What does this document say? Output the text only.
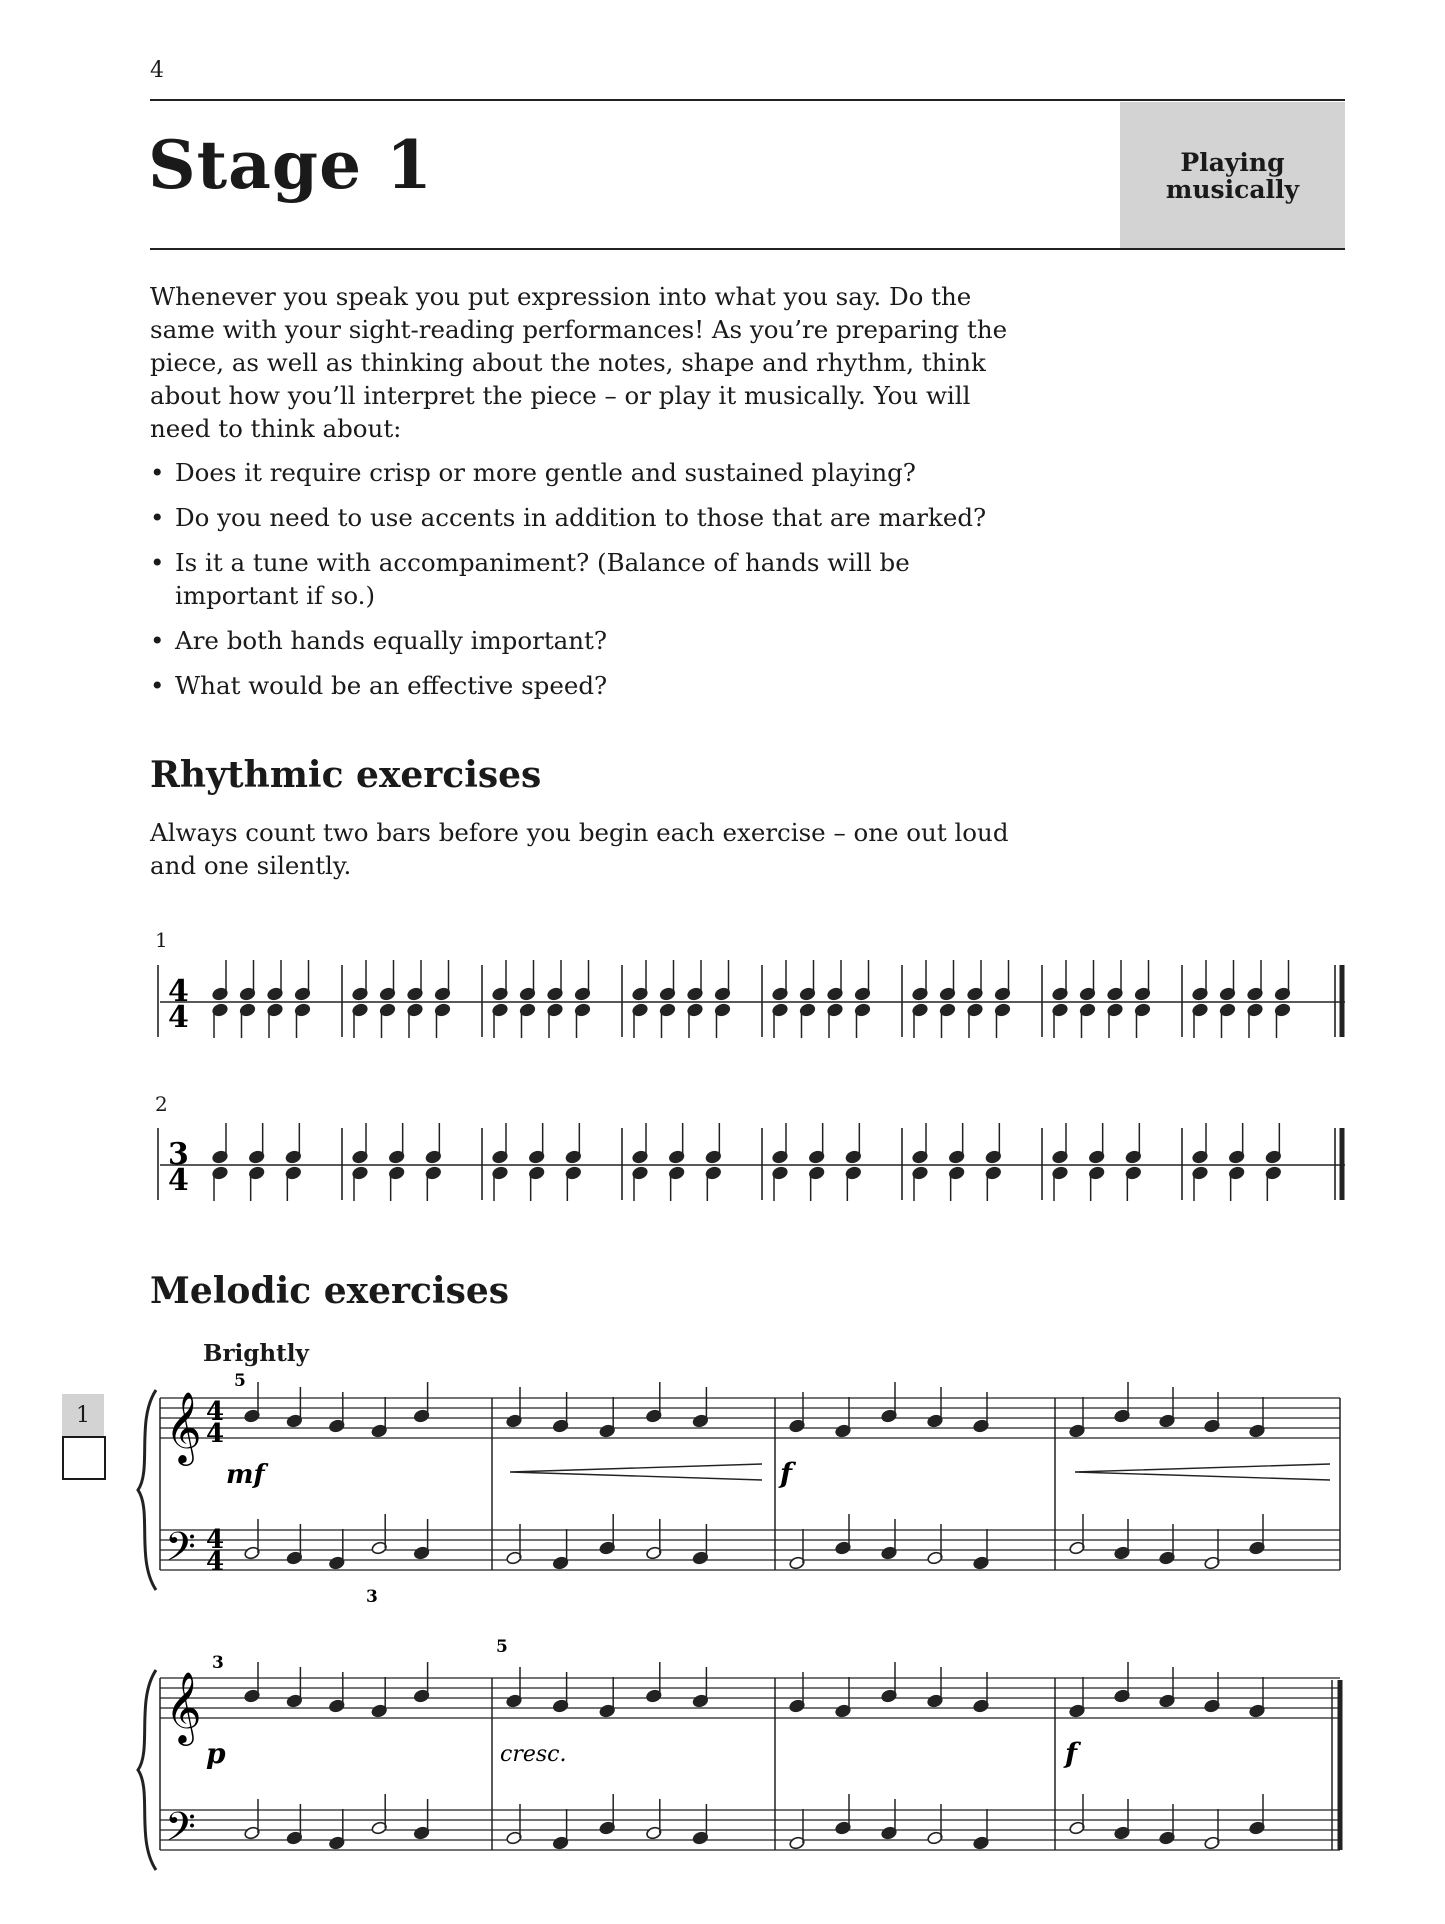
4
Stage 1	Playing musically

Whenever you speak you put expression into what you say. Do the same with your sight-reading performances! As you’re preparing the piece, as well as thinking about the notes, shape and rhythm, think about how you’ll interpret the piece – or play it musically. You will need to think about:

• Does it require crisp or more gentle and sustained playing?
• Do you need to use accents in addition to those that are marked?
• Is it a tune with accompaniment? (Balance of hands will be important if so.)
• Are both hands equally important?
• What would be an effective speed?
Rhythmic exercises

Always count two bars before you begin each exercise – one out loud and one silently.

1
2
4
4
3
4
Melodic exercises
Brightly
1 𝄞
𝄢
4
4
4
4
5
3
mf	f
𝄞
𝄢
3
5
p	cresc.	f
